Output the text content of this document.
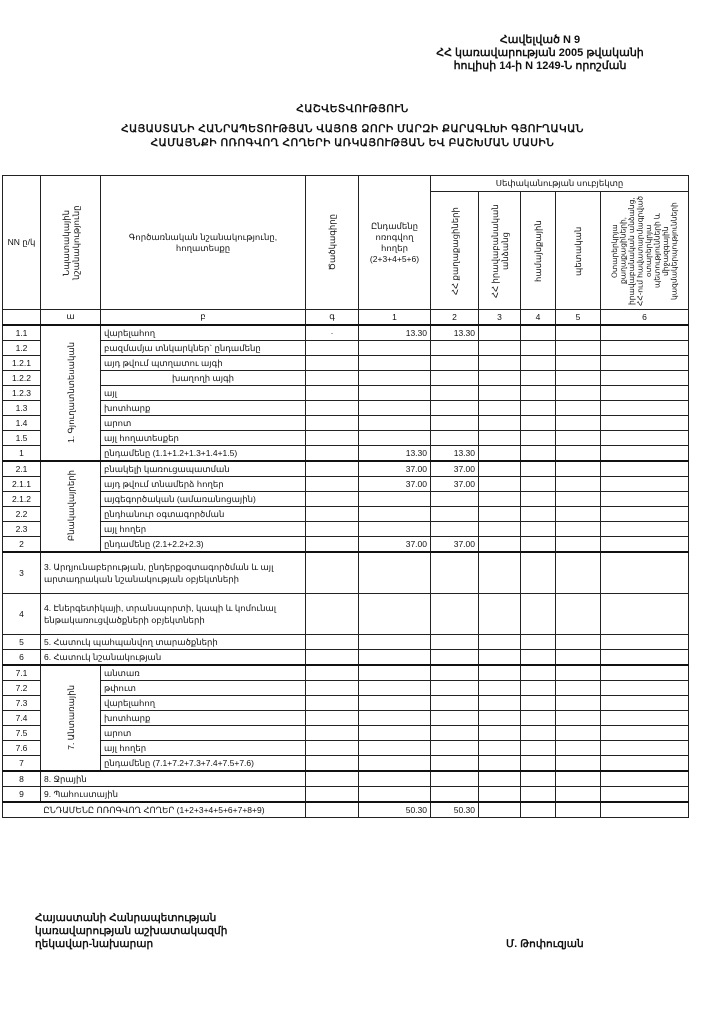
Հավելված N 9
ՀՀ կառավարության 2005 թվականի
հուլիսի 14-ի N 1249-Ն որոշման
ՀԱՇՎԵՏՎՈՒԹՅՈՒՆ
ՀԱՅԱՍՏԱՆԻ ՀԱՆՐԱՊԵՏՈՒԹՅԱՆ ՎԱՅՈՑ ՁՈՐԻ ՄԱՐԶԻ ՔԱՐԱԳԼԽԻ ԳՅՈՒՂԱԿԱՆ
ՀԱՄԱՅՆՔԻ ՈՌՈԳՎՈՂ ՀՈՂԵՐԻ ԱՌԿԱՅՈՒԹՅԱՆ ԵՎ ԲԱՇԽՄԱՆ ՄԱՍԻՆ
NN ը/կ	Նպատակային նշանակությունը	Գործառնական նշանակությունը, հողատեսքը	Ծածկագիրը	Ընդամենը ոռոգվող հողեր (2+3+4+5+6)	Սեփականության սուբյեկտը				

					ՀՀ քաղաքացիների	ՀՀ իրավաբանական անձանց	համայնքային	պետական	Օտարերկրյա քաղաքացիների, իրավաբանական անձանց, ՀՀ-ում հավատարմագրված օտարերկրյա պետությունների և միջազգային կազմակերպությունների

	ա	բ	գ	1	2	3	4	5	6
1.1	1. Գյուղատնտեսական	վարելահող	·	13.30	13.30				
1.2		բազմամյա տնկարկներ` ընդամենը							
1.2.1		այդ թվում պտղատու այգի							
1.2.2		խաղողի այգի							
1.2.3		այլ							
1.3		խոտհարք							
1.4		արոտ							
1.5		այլ հողատեսքեր							
1		ընդամենը (1.1+1.2+1.3+1.4+1.5)		13.30	13.30				
2.1	Բնակավայրերի	բնակելի կառուցապատման		37.00	37.00				
2.1.1		այդ թվում տնամերձ հողեր		37.00	37.00				
2.1.2		այգեգործական (ամառանոցային)							
2.2		ընդհանուր օգտագործման							
2.3		այլ հողեր							
2		ընդամենը (2.1+2.2+2.3)		37.00	37.00				
3	3. Արդյունաբերության, ընդերքօգտագործման և այլ արտադրական նշանակության օբյեկտների								
4	4. Էներգետիկայի, տրանսպորտի, կապի և կոմունալ ենթակառուցվածքների օբյեկտների								
5	5. Հատուկ պահպանվող տարածքների								
6	6. Հատուկ նշանակության								
7.1	7. Անտառային	անտառ							
7.2		թփուտ							
7.3		վարելահող							
7.4		խոտհարք							
7.5		արոտ							
7.6		այլ հողեր							
7		ընդամենը (7.1+7.2+7.3+7.4+7.5+7.6)							
8	8. Ջրային								
9	9. Պահուստային								
ԸՆԴԱՄԵՆԸ ՈՌՈԳՎՈՂ ՀՈՂԵՐ (1+2+3+4+5+6+7+8+9)				50.30	50.30				
Հայաստանի Հանրապետության
կառավարության աշխատակազմի
ղեկավար-նախարար	Մ. Թոփուզյան
